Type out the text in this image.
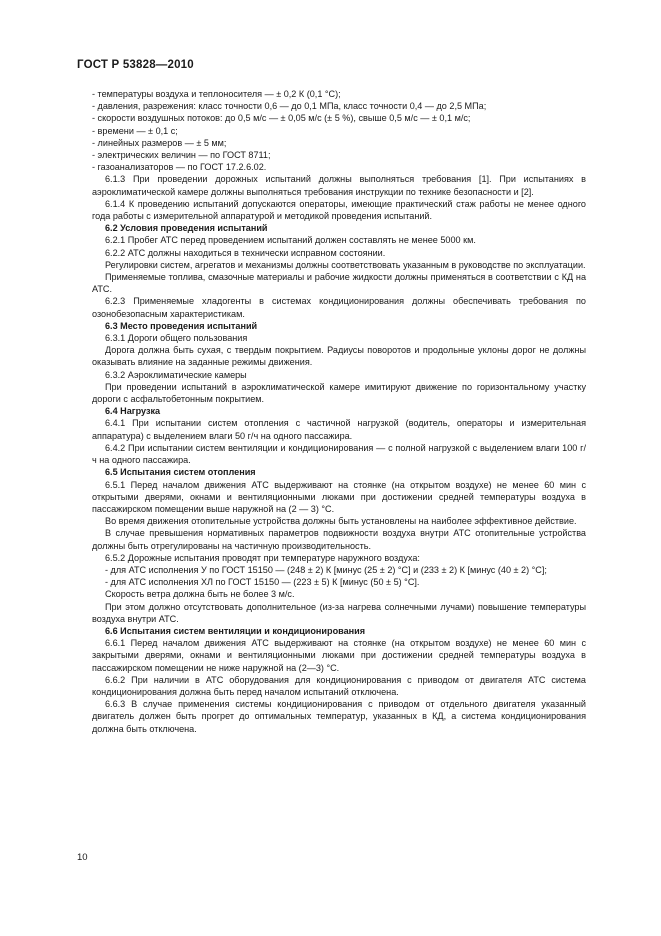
ГОСТ Р 53828—2010

- температуры воздуха и теплоносителя — ± 0,2 К (0,1 °С);

- давления, разрежения: класс точности 0,6 — до 0,1 МПа, класс точности 0,4 — до 2,5 МПа;

- скорости воздушных потоков: до 0,5 м/с — ± 0,05 м/с (± 5 %), свыше 0,5 м/с — ± 0,1 м/с;

- времени — ± 0,1 с;

- линейных размеров — ± 5 мм;

- электрических величин — по ГОСТ 8711;

- газоанализаторов — по ГОСТ 17.2.6.02.

6.1.3 При проведении дорожных испытаний должны выполняться требования [1]. При испытаниях в аэроклиматической камере должны выполняться требования инструкции по технике безопасности и [2].

6.1.4 К проведению испытаний допускаются операторы, имеющие практический стаж работы не менее одного года работы с измерительной аппаратурой и методикой проведения испытаний.

6.2 Условия проведения испытаний

6.2.1 Пробег АТС перед проведением испытаний должен составлять не менее 5000 км.

6.2.2 АТС должны находиться в технически исправном состоянии.

Регулировки систем, агрегатов и механизмы должны соответствовать указанным в руководстве по эксплуатации.

Применяемые топлива, смазочные материалы и рабочие жидкости должны применяться в соответствии с КД на АТС.

6.2.3 Применяемые хладогенты в системах кондиционирования должны обеспечивать требования по озонобезопасным характеристикам.

6.3 Место проведения испытаний

6.3.1 Дороги общего пользования

Дорога должна быть сухая, с твердым покрытием. Радиусы поворотов и продольные уклоны дорог не должны оказывать влияние на заданные режимы движения.

6.3.2 Аэроклиматические камеры

При проведении испытаний в аэроклиматической камере имитируют движение по горизонтальному участку дороги с асфальтобетонным покрытием.

6.4 Нагрузка

6.4.1 При испытании систем отопления с частичной нагрузкой (водитель, операторы и измерительная аппаратура) с выделением влаги 50 г/ч на одного пассажира.

6.4.2 При испытании систем вентиляции и кондиционирования — с полной нагрузкой с выделением влаги 100 г/ч на одного пассажира.

6.5 Испытания систем отопления

6.5.1 Перед началом движения АТС выдерживают на стоянке (на открытом воздухе) не менее 60 мин с открытыми дверями, окнами и вентиляционными люками при достижении средней температуры воздуха в пассажирском помещении выше наружной на (2 — 3) °С.

Во время движения отопительные устройства должны быть установлены на наиболее эффективное действие.

В случае превышения нормативных параметров подвижности воздуха внутри АТС отопительные устройства должны быть отрегулированы на частичную производительность.

6.5.2 Дорожные испытания проводят при температуре наружного воздуха:

- для АТС исполнения У по ГОСТ 15150 — (248 ± 2) К [минус (25 ± 2) °С] и (233 ± 2) К [минус (40 ± 2) °С];

- для АТС исполнения ХЛ по ГОСТ 15150 — (223 ± 5) К [минус (50 ± 5) °С].

Скорость ветра должна быть не более 3 м/с.

При этом должно отсутствовать дополнительное (из-за нагрева солнечными лучами) повышение температуры воздуха внутри АТС.

6.6 Испытания систем вентиляции и кондиционирования

6.6.1 Перед началом движения АТС выдерживают на стоянке (на открытом воздухе) не менее 60 мин с закрытыми дверями, окнами и вентиляционными люками при достижении средней температуры воздуха в пассажирском помещении не ниже наружной на (2—3) °С.

6.6.2 При наличии в АТС оборудования для кондиционирования с приводом от двигателя АТС система кондиционирования должна быть перед началом испытаний отключена.

6.6.3 В случае применения системы кондиционирования с приводом от отдельного двигателя указанный двигатель должен быть прогрет до оптимальных температур, указанных в КД, а система кондиционирования должна быть отключена.

10
